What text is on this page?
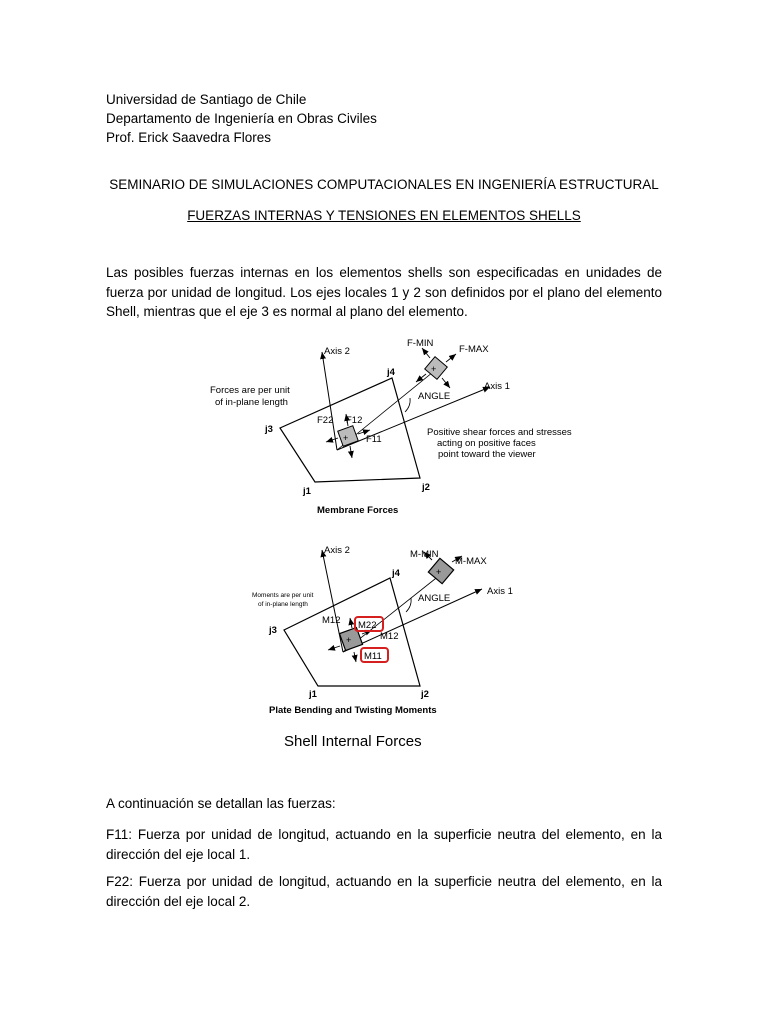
Universidad de Santiago de Chile
Departamento de Ingeniería en Obras Civiles
Prof. Erick Saavedra Flores
SEMINARIO DE SIMULACIONES COMPUTACIONALES EN INGENIERÍA ESTRUCTURAL
FUERZAS INTERNAS Y TENSIONES EN ELEMENTOS SHELLS
Las posibles fuerzas internas en los elementos shells son especificadas en unidades de fuerza por unidad de longitud. Los ejes locales 1 y 2 son definidos por el plano del elemento Shell, mientras que el eje 3 es normal al plano del elemento.
+
+
Axis 2
F-MIN
F-MAX
Axis 1
ANGLE
Forces are per unit
of in-plane length
j4
j3
j1	j2
F22 F12
F11
Positive shear forces and stresses
acting on positive faces
point toward the viewer
Membrane Forces
+
+
Axis 2	M-MIN
M-MAX
Axis 1
ANGLE
Moments are per unit
of in-plane length
j4
j3
j1	j2
M12 M22
M12
M11
Plate Bending and Twisting Moments
Shell Internal Forces
A continuación se detallan las fuerzas:
F11: Fuerza por unidad de longitud, actuando en la superficie neutra del elemento, en la dirección del eje local 1.
F22: Fuerza por unidad de longitud, actuando en la superficie neutra del elemento, en la dirección del eje local 2.
